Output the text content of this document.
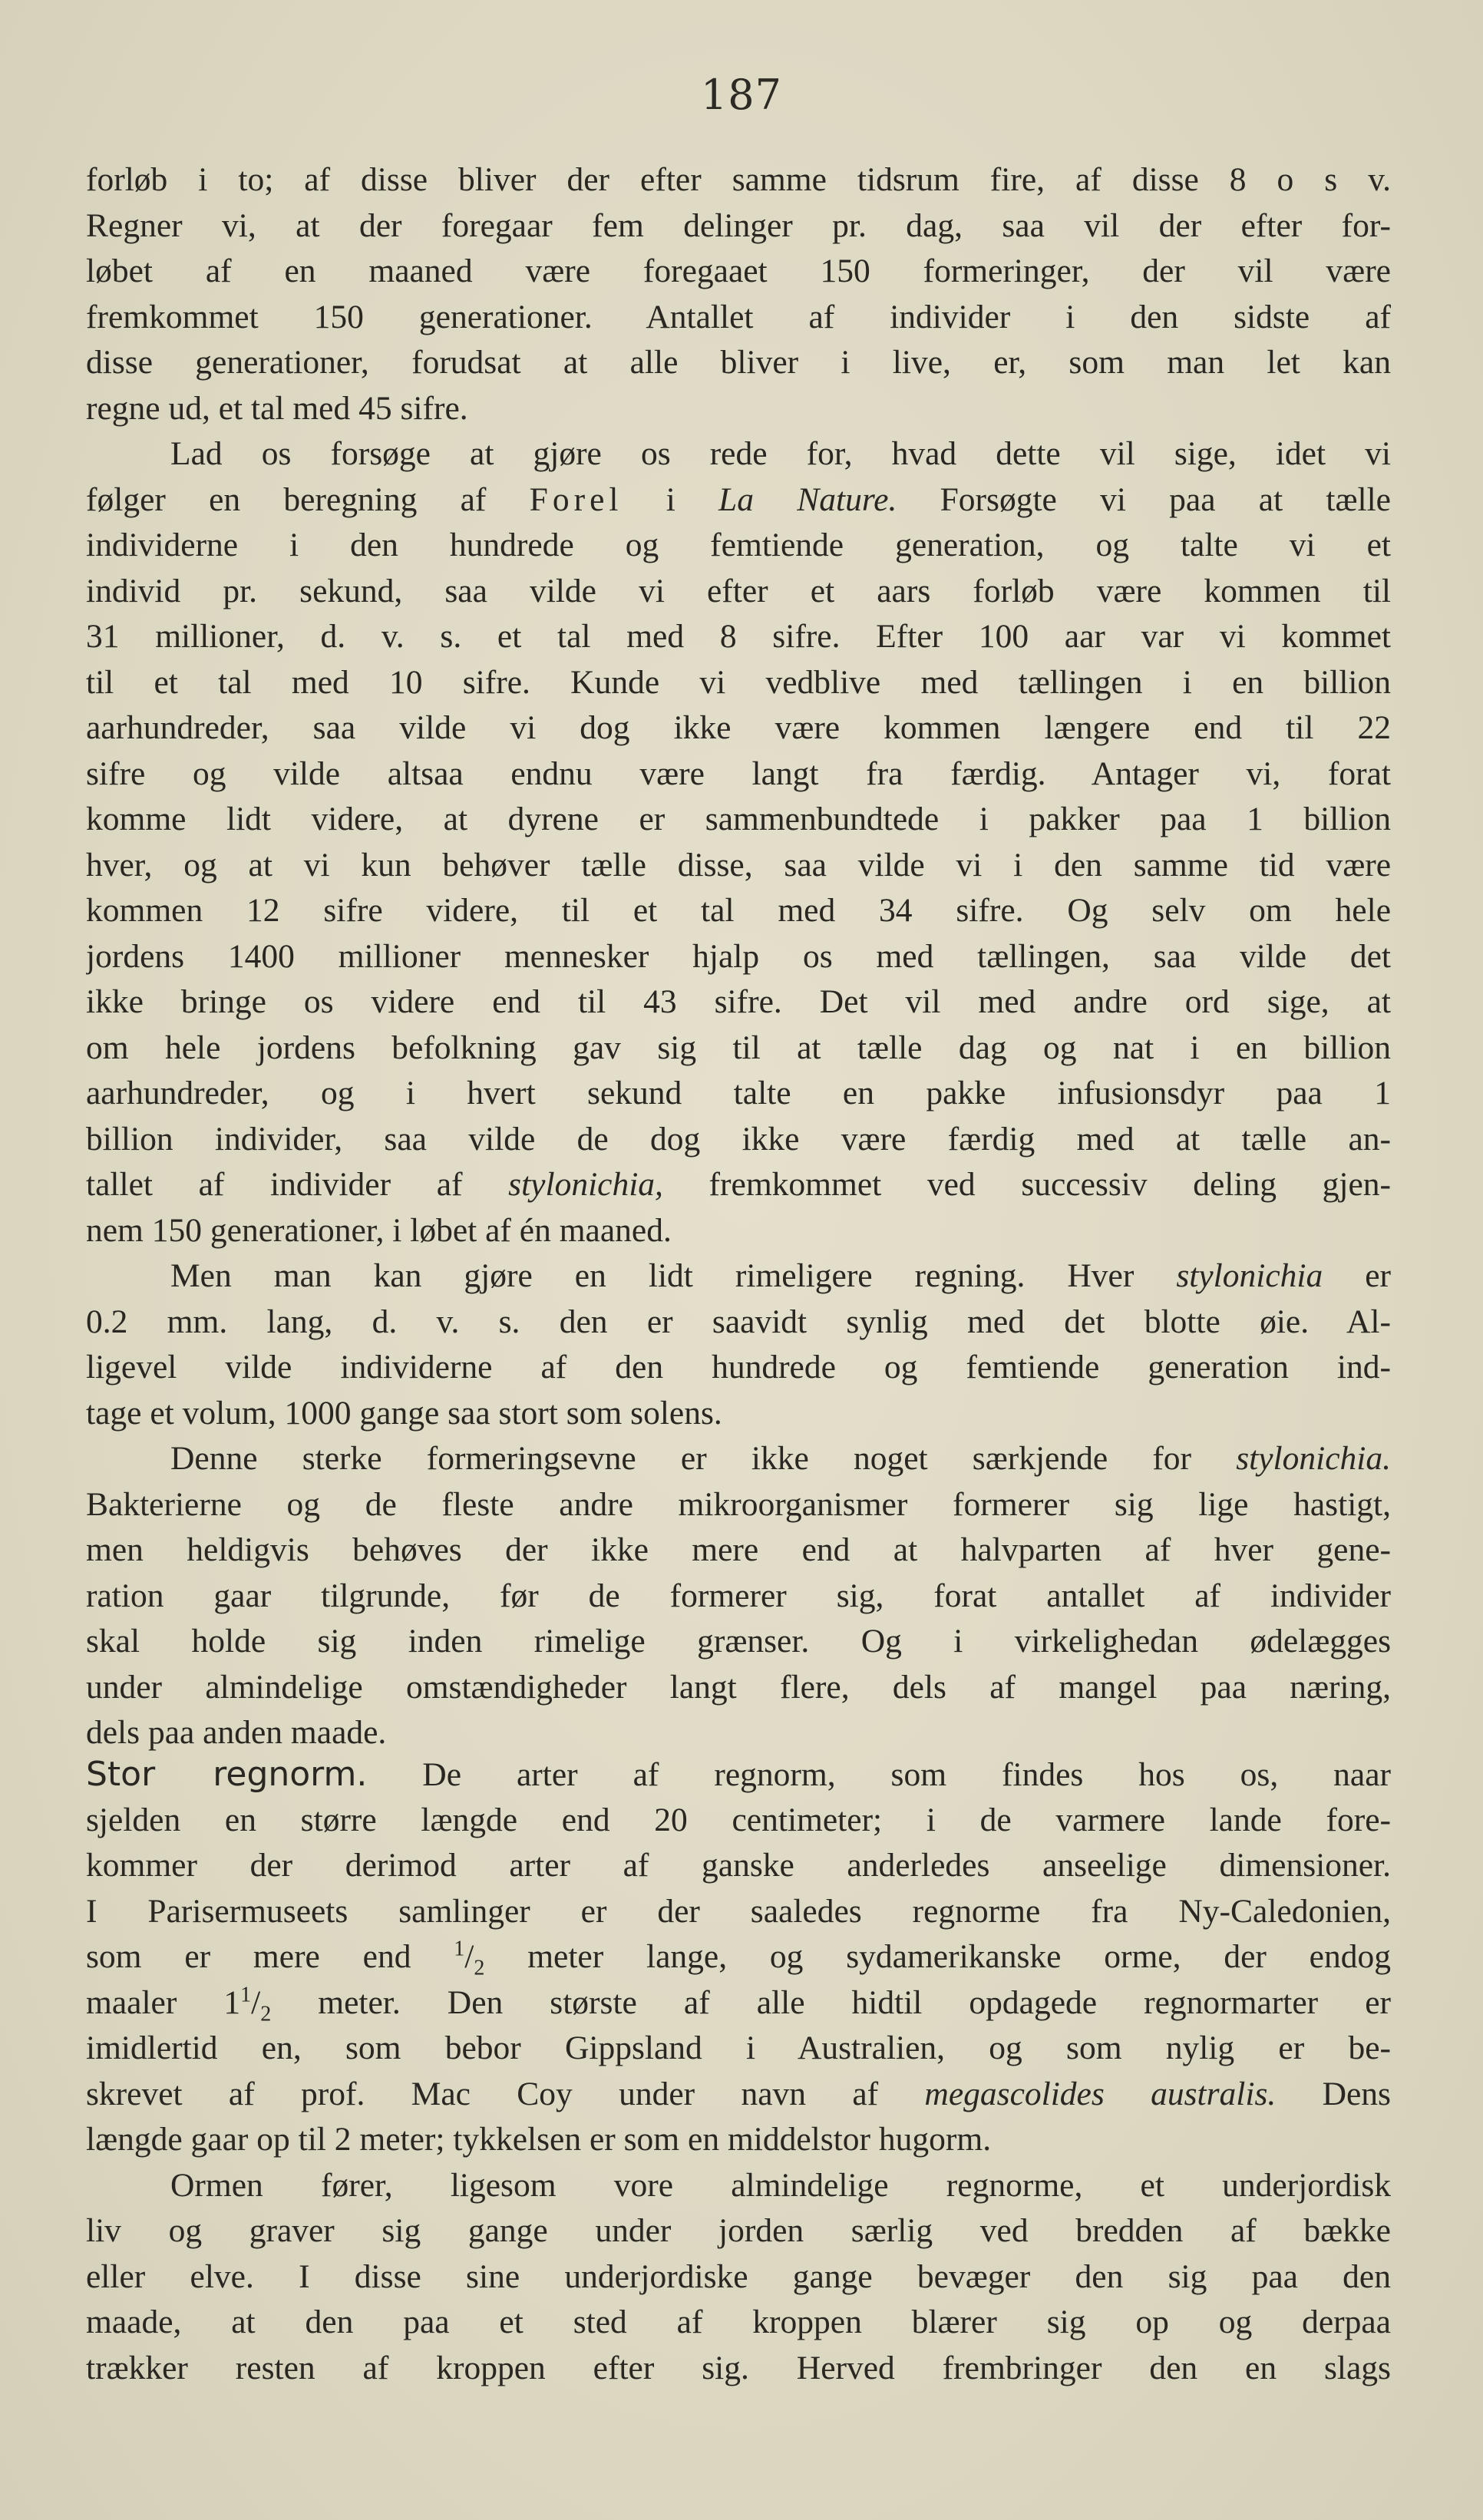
187
forløb i to; af disse bliver der efter samme tidsrum fire, af disse 8 o s v.
Regner vi, at der foregaar fem delinger pr. dag, saa vil der efter for-
løbet af en maaned være foregaaet 150 formeringer, der vil være
fremkommet 150 generationer. Antallet af individer i den sidste af
disse generationer, forudsat at alle bliver i live, er, som man let kan
regne ud, et tal med 45 sifre.
Lad os forsøge at gjøre os rede for, hvad dette vil sige, idet vi
følger en beregning af Forel i La Nature. Forsøgte vi paa at tælle
individerne i den hundrede og femtiende generation, og talte vi et
individ pr. sekund, saa vilde vi efter et aars forløb være kommen til
31 millioner, d. v. s. et tal med 8 sifre. Efter 100 aar var vi kommet
til et tal med 10 sifre. Kunde vi vedblive med tællingen i en billion
aarhundreder, saa vilde vi dog ikke være kommen længere end til 22
sifre og vilde altsaa endnu være langt fra færdig. Antager vi, forat
komme lidt videre, at dyrene er sammenbundtede i pakker paa 1 billion
hver, og at vi kun behøver tælle disse, saa vilde vi i den samme tid være
kommen 12 sifre videre, til et tal med 34 sifre. Og selv om hele
jordens 1400 millioner mennesker hjalp os med tællingen, saa vilde det
ikke bringe os videre end til 43 sifre. Det vil med andre ord sige, at
om hele jordens befolkning gav sig til at tælle dag og nat i en billion
aarhundreder, og i hvert sekund talte en pakke infusionsdyr paa 1
billion individer, saa vilde de dog ikke være færdig med at tælle an-
tallet af individer af stylonichia, fremkommet ved successiv deling gjen-
nem 150 generationer, i løbet af én maaned.
Men man kan gjøre en lidt rimeligere regning. Hver stylonichia er
0.2 mm. lang, d. v. s. den er saavidt synlig med det blotte øie. Al-
ligevel vilde individerne af den hundrede og femtiende generation ind-
tage et volum, 1000 gange saa stort som solens.
Denne sterke formeringsevne er ikke noget særkjende for stylonichia.
Bakterierne og de fleste andre mikroorganismer formerer sig lige hastigt,
men heldigvis behøves der ikke mere end at halvparten af hver gene-
ration gaar tilgrunde, før de formerer sig, forat antallet af individer
skal holde sig inden rimelige grænser. Og i virkelighedan ødelægges
under almindelige omstændigheder langt flere, dels af mangel paa næring,
dels paa anden maade.
Stor regnorm. De arter af regnorm, som findes hos os, naar
sjelden en større længde end 20 centimeter; i de varmere lande fore-
kommer der derimod arter af ganske anderledes anseelige dimensioner.
I Parisermuseets samlinger er der saaledes regnorme fra Ny-Caledonien,
som er mere end $^1/_2$ meter lange, og sydamerikanske orme, der endog
maaler $1^1/_2$ meter. Den største af alle hidtil opdagede regnormarter er
imidlertid en, som bebor Gippsland i Australien, og som nylig er be-
skrevet af prof. Mac Coy under navn af megascolides australis. Dens
længde gaar op til 2 meter; tykkelsen er som en middelstor hugorm.
Ormen fører, ligesom vore almindelige regnorme, et underjordisk
liv og graver sig gange under jorden særlig ved bredden af bække
eller elve. I disse sine underjordiske gange bevæger den sig paa den
maade, at den paa et sted af kroppen blærer sig op og derpaa
trækker resten af kroppen efter sig. Herved frembringer den en slags
